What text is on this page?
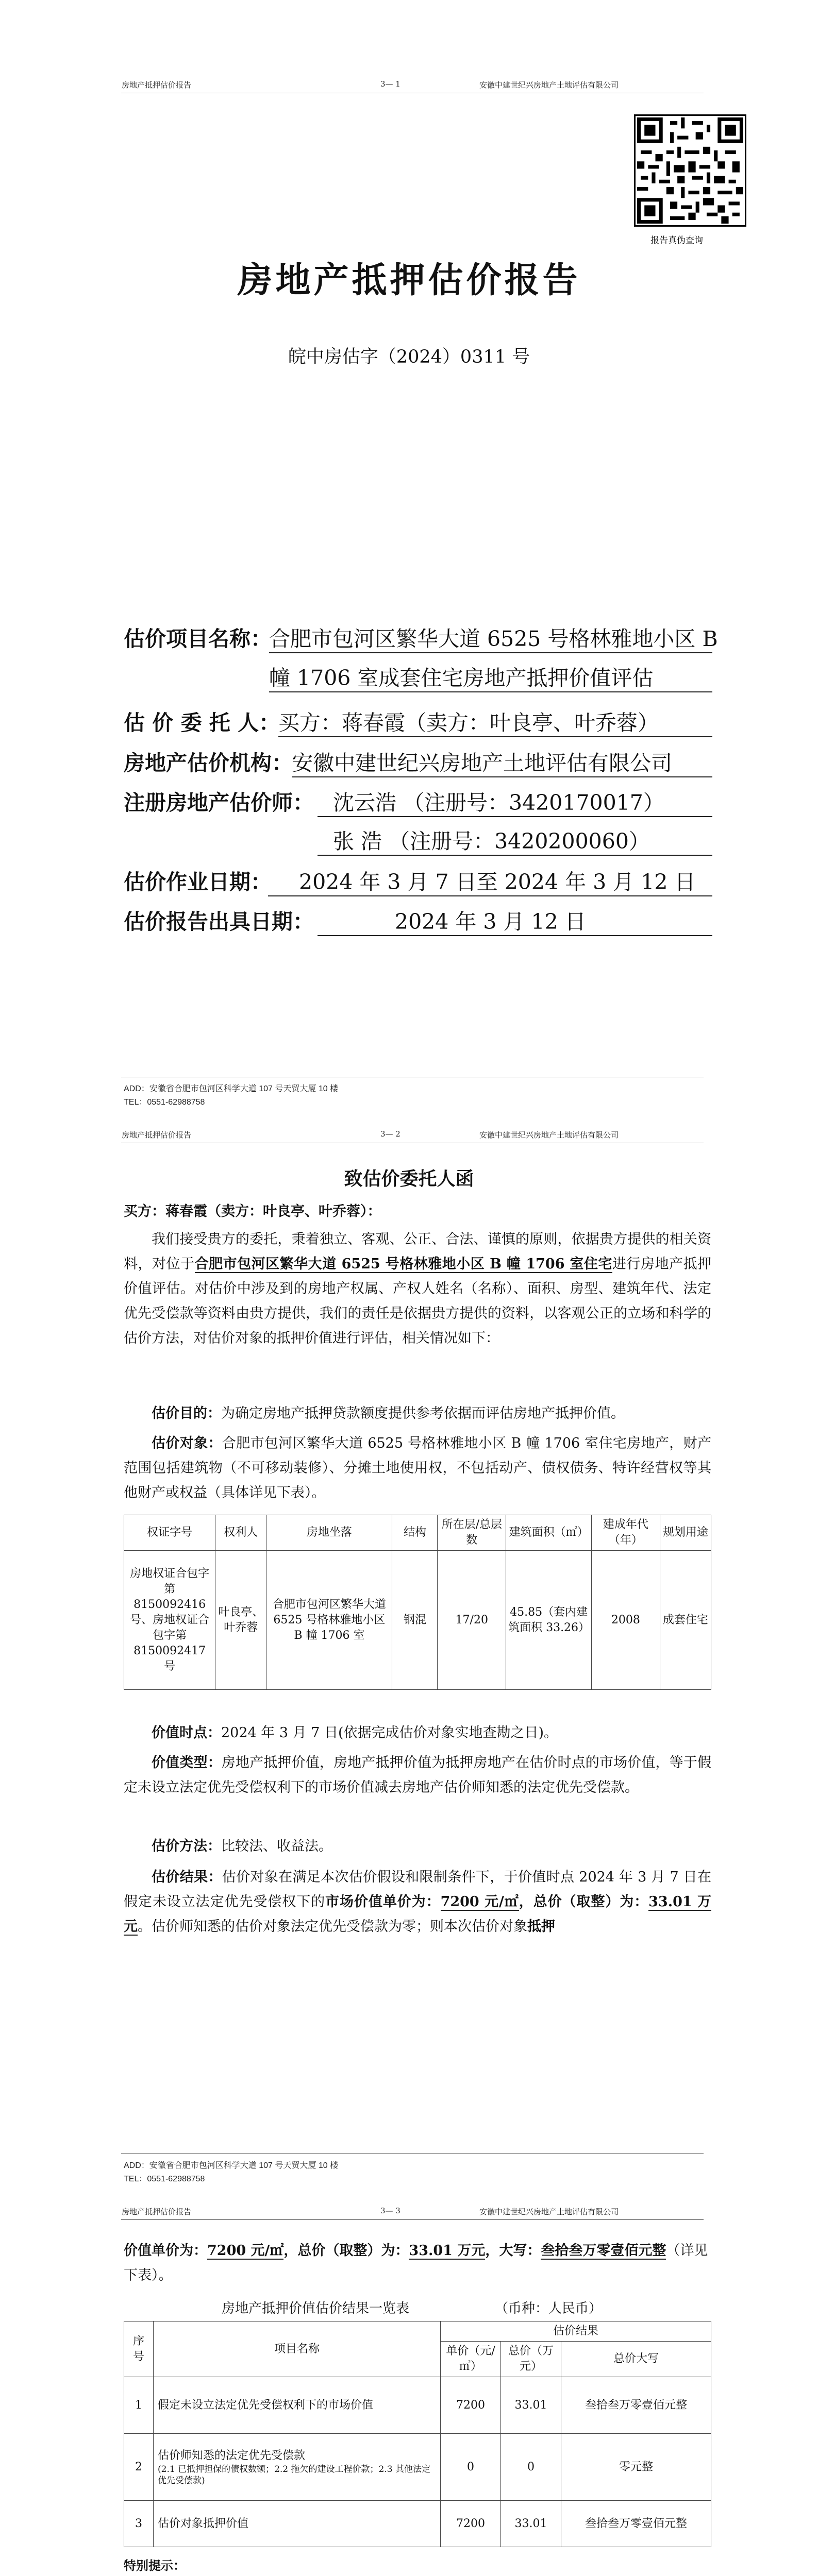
房地产抵押估价报告	3— 1	安徽中建世纪兴房地产土地评估有限公司
报告真伪查询
房地产抵押估价报告
皖中房估字（2024）0311 号
估价项目名称：
合肥市包河区繁华大道 6525 号格林雅地小区 B
幢 1706 室成套住宅房地产抵押价值评估
估 价 委 托 人：
买方：蒋春霞（卖方：叶良亭、叶乔蓉）
房地产估价机构：
安徽中建世纪兴房地产土地评估有限公司
注册房地产估价师： 沈云浩 （注册号：3420170017）
张 浩 （注册号：3420200060）
估价作业日期：	2024 年 3 月 7 日至 2024 年 3 月 12 日
估价报告出具日期：	2024 年 3 月 12 日
ADD：安徽省合肥市包河区科学大道 107 号天贸大厦 10 楼
TEL：0551-62988758
房地产抵押估价报告	3— 2	安徽中建世纪兴房地产土地评估有限公司
致估价委托人函
买方：蒋春霞（卖方：叶良亭、叶乔蓉）：
我们接受贵方的委托，秉着独立、客观、公正、合法、谨慎的原则，依据贵方提供的相关资料，对位于合肥市包河区繁华大道 6525 号格林雅地小区 B 幢 1706 室住宅进行房地产抵押价值评估。对估价中涉及到的房地产权属、产权人姓名（名称）、面积、房型、建筑年代、法定优先受偿款等资料由贵方提供，我们的责任是依据贵方提供的资料，以客观公正的立场和科学的估价方法，对估价对象的抵押价值进行评估，相关情况如下：
估价目的：为确定房地产抵押贷款额度提供参考依据而评估房地产抵押价值。
估价对象：合肥市包河区繁华大道 6525 号格林雅地小区 B 幢 1706 室住宅房地产，财产范围包括建筑物（不可移动装修）、分摊土地使用权，不包括动产、债权债务、特许经营权等其他财产或权益（具体详见下表）。
权证字号	权利人	房地坐落	结构	所在层/总层数	建筑面积（㎡）	建成年代（年）	规划用途
房地权证合包字第 8150092416 号、房地权证合包字第 8150092417 号	叶良亭、叶乔蓉	合肥市包河区繁华大道 6525 号格林雅地小区 B 幢 1706 室	钢混	17/20	45.85（套内建筑面积 33.26）	2008	成套住宅
价值时点：2024 年 3 月 7 日(依据完成估价对象实地查勘之日)。
价值类型：房地产抵押价值，房地产抵押价值为抵押房地产在估价时点的市场价值，等于假定未设立法定优先受偿权利下的市场价值减去房地产估价师知悉的法定优先受偿款。
估价方法：比较法、收益法。
估价结果：估价对象在满足本次估价假设和限制条件下，于价值时点 2024 年 3 月 7 日在假定未设立法定优先受偿权下的市场价值单价为：7200 元/㎡，总价（取整）为：33.01 万元。估价师知悉的估价对象法定优先受偿款为零；则本次估价对象抵押
ADD：安徽省合肥市包河区科学大道 107 号天贸大厦 10 楼
TEL：0551-62988758
房地产抵押估价报告	3— 3	安徽中建世纪兴房地产土地评估有限公司
价值单价为：7200 元/㎡，总价（取整）为：33.01 万元，大写：叁拾叁万零壹佰元整（详见下表）。
房地产抵押价值估价结果一览表	（币种：人民币）
序号	项目名称	估价结果		
		单价（元/㎡）	总价（万元）	总价大写
1	假定未设立法定优先受偿权利下的市场价值	7200	33.01	叁拾叁万零壹佰元整
2	估价师知悉的法定优先受偿款
(2.1 已抵押担保的债权数额；2.2 拖欠的建设工程价款；2.3 其他法定优先受偿款)	0	0	零元整
3	估价对象抵押价值	7200	33.01	叁拾叁万零壹佰元整
特别提示：
